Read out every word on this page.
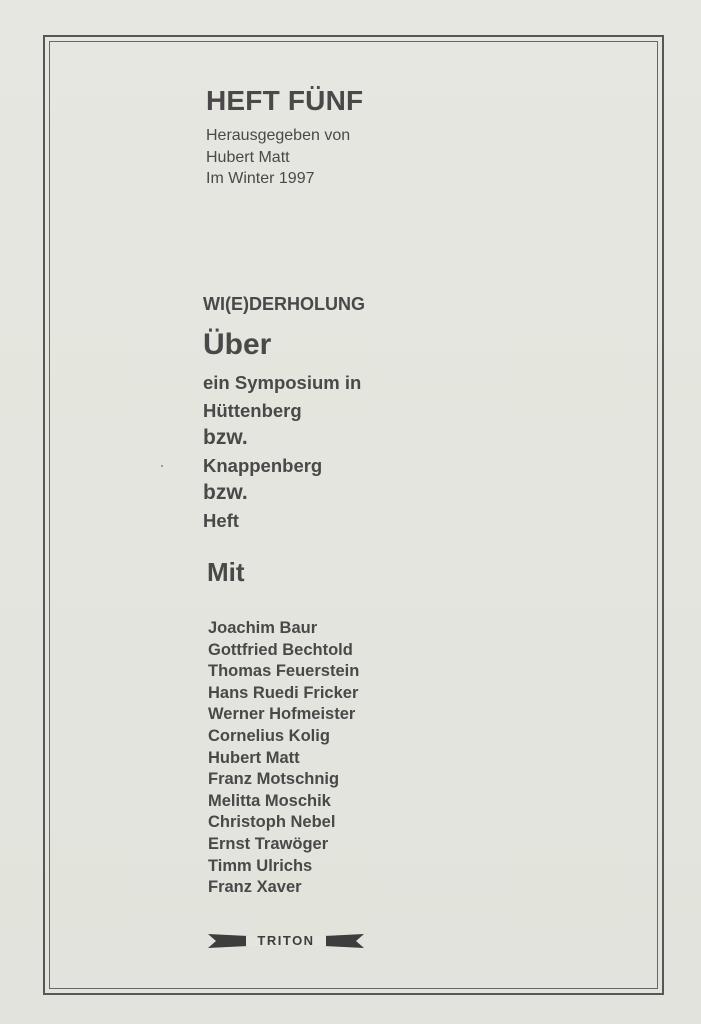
HEFT FÜNF
Herausgegeben von
Hubert Matt
Im Winter 1997
WI(E)DERHOLUNG
Über
ein Symposium in
Hüttenberg
bzw.
Knappenberg
bzw.
Heft
Mit
Joachim Baur
Gottfried Bechtold
Thomas Feuerstein
Hans Ruedi Fricker
Werner Hofmeister
Cornelius Kolig
Hubert Matt
Franz Motschnig
Melitta Moschik
Christoph Nebel
Ernst Trawöger
Timm Ulrichs
Franz Xaver
TRITON
